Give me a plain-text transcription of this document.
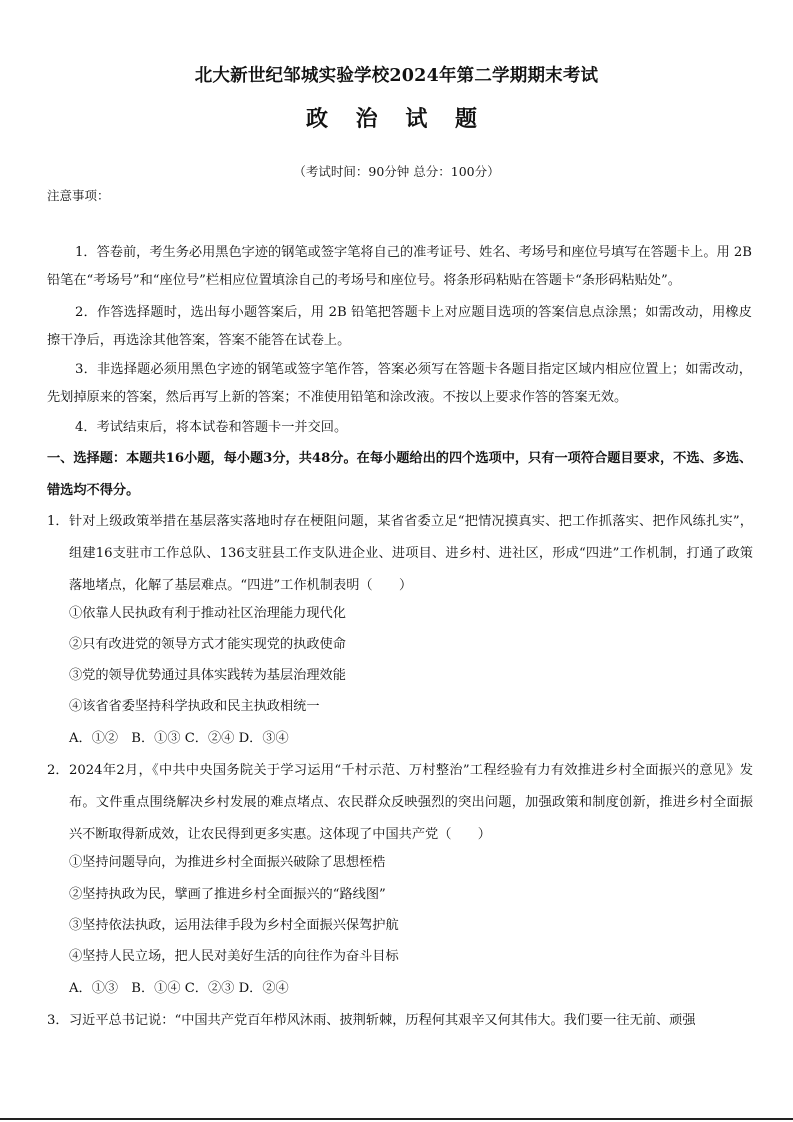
北大新世纪邹城实验学校2024年第二学期期末考试
政 治 试 题
（考试时间：90分钟 总分：100分）
注意事项：
1．答卷前，考生务必用黑色字迹的钢笔或签字笔将自己的准考证号、姓名、考场号和座位号填写在答题卡上。用 2B 铅笔在“考场号”和“座位号”栏相应位置填涂自己的考场号和座位号。将条形码粘贴在答题卡“条形码粘贴处”。
2．作答选择题时，选出每小题答案后，用 2B 铅笔把答题卡上对应题目选项的答案信息点涂黑；如需改动，用橡皮擦干净后，再选涂其他答案，答案不能答在试卷上。
3．非选择题必须用黑色字迹的钢笔或签字笔作答，答案必须写在答题卡各题目指定区域内相应位置上；如需改动，先划掉原来的答案，然后再写上新的答案；不准使用铅笔和涂改液。不按以上要求作答的答案无效。
4．考试结束后，将本试卷和答题卡一并交回。
一、选择题：本题共16小题，每小题3分，共48分。在每小题给出的四个选项中，只有一项符合题目要求，不选、多选、错选均不得分。
1． 针对上级政策举措在基层落实落地时存在梗阻问题，某省省委立足“把情况摸真实、把工作抓落实、把作风练扎实”，组建16支驻市工作总队、136支驻县工作支队进企业、进项目、进乡村、进社区，形成“四进”工作机制，打通了政策落地堵点，化解了基层难点。“四进”工作机制表明（　　）
①依靠人民执政有利于推动社区治理能力现代化
②只有改进党的领导方式才能实现党的执政使命
③党的领导优势通过具体实践转为基层治理效能
④该省省委坚持科学执政和民主执政相统一
A．①②　B．①③ C．②④ D．③④
2． 2024年2月，《中共中央国务院关于学习运用“千村示范、万村整治”工程经验有力有效推进乡村全面振兴的意见》发布。文件重点围绕解决乡村发展的难点堵点、农民群众反映强烈的突出问题，加强政策和制度创新，推进乡村全面振兴不断取得新成效，让农民得到更多实惠。这体现了中国共产党（　　）
①坚持问题导向，为推进乡村全面振兴破除了思想桎梏
②坚持执政为民，擘画了推进乡村全面振兴的“路线图”
③坚持依法执政，运用法律手段为乡村全面振兴保驾护航
④坚持人民立场，把人民对美好生活的向往作为奋斗目标
A．①③　B．①④ C．②③ D．②④
3． 习近平总书记说：“中国共产党百年栉风沐雨、披荆斩棘，历程何其艰辛又何其伟大。我们要一往无前、顽强
